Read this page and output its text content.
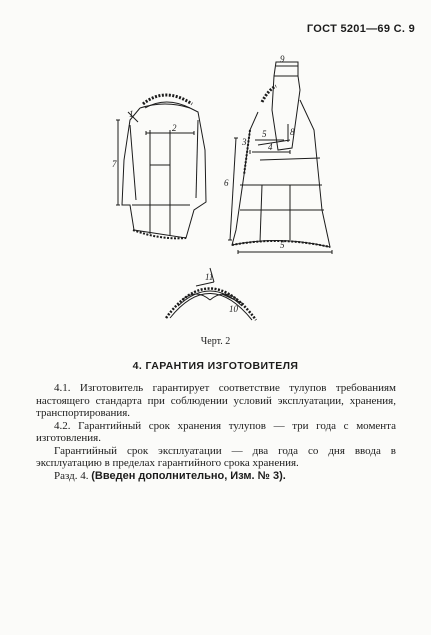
ГОСТ 5201—69 С. 9
1
2
3 4
5
5
6
7
8
9
10
11
Черт. 2
4. ГАРАНТИЯ ИЗГОТОВИТЕЛЯ

4.1. Изготовитель гарантирует соответствие тулупов требованиям настоящего стандарта при соблюдении условий эксплуатации, хранения, транспортирования.

4.2. Гарантийный срок хранения тулупов — три года с момента изготовления.

Гарантийный срок эксплуатации — два года со дня ввода в эксплуатацию в пределах гарантийного срока хранения.

Разд. 4. (Введен дополнительно, Изм. № 3).
